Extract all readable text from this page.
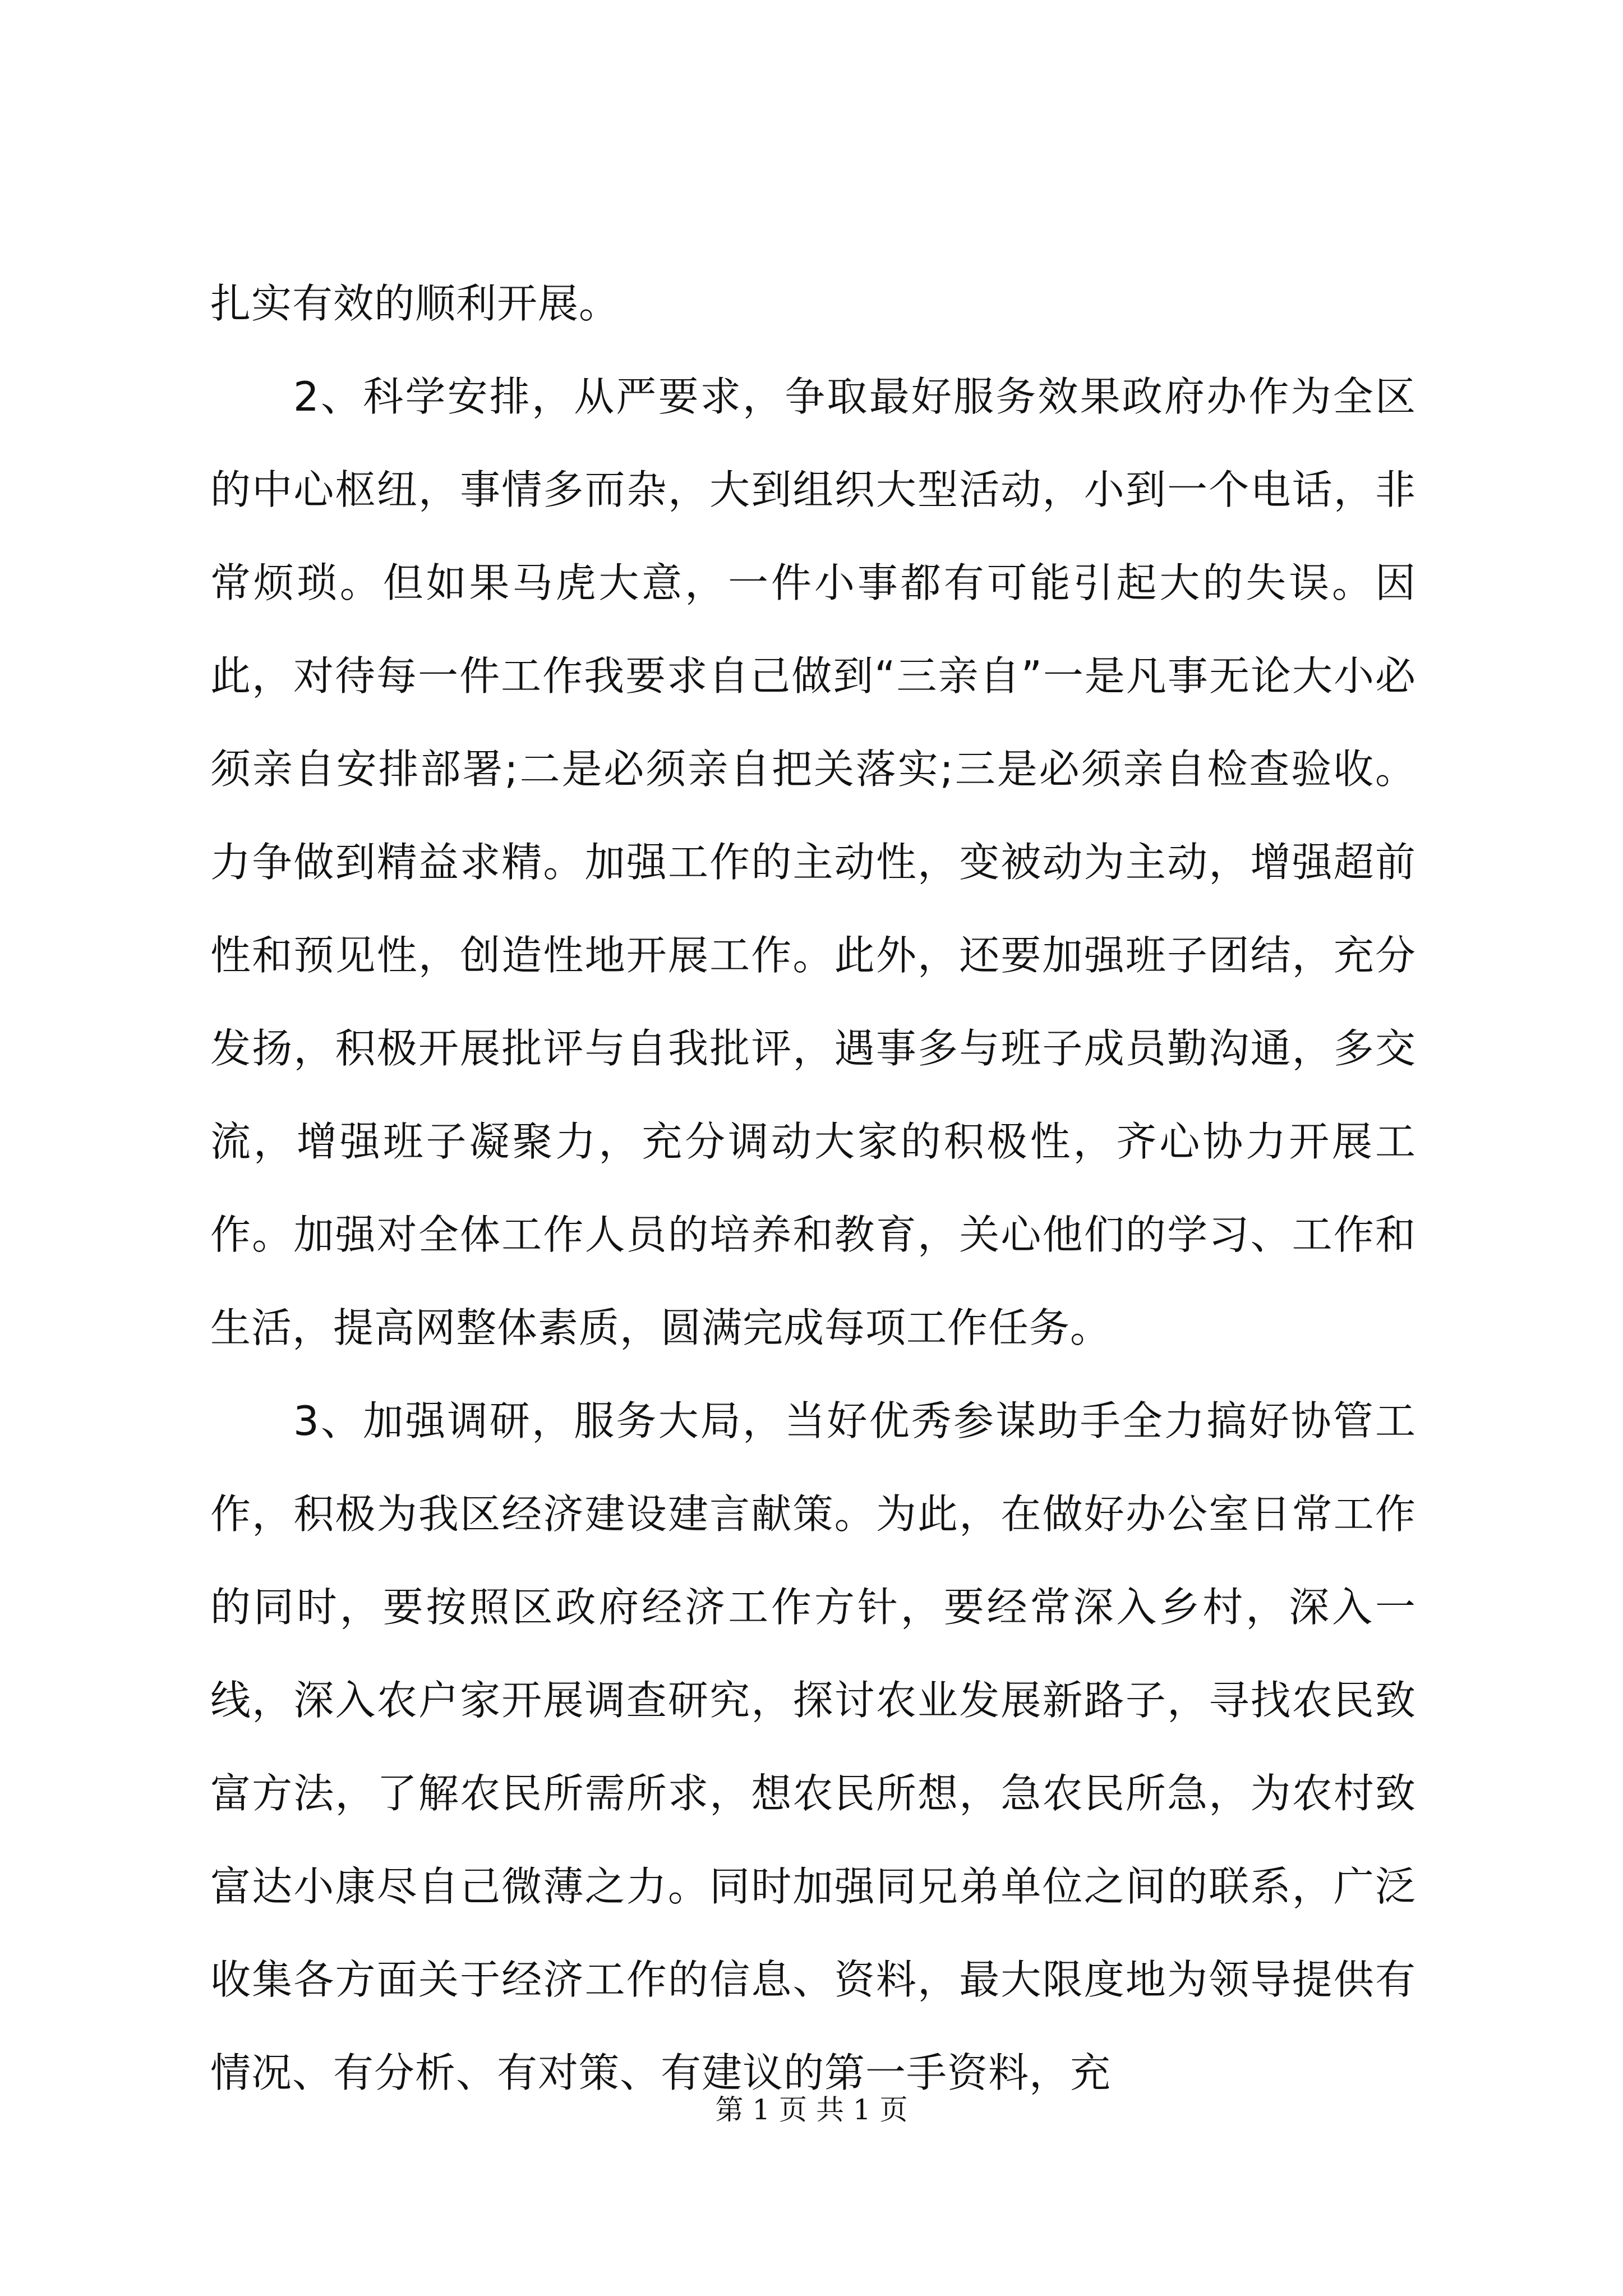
扎实有效的顺利开展。

2、科学安排，从严要求，争取最好服务效果政府办作为全区的中心枢纽，事情多而杂，大到组织大型活动，小到一个电话，非常烦琐。但如果马虎大意，一件小事都有可能引起大的失误。因此，对待每一件工作我要求自己做到“三亲自”一是凡事无论大小必须亲自安排部署;二是必须亲自把关落实;三是必须亲自检查验收。力争做到精益求精。加强工作的主动性，变被动为主动，增强超前性和预见性，创造性地开展工作。此外，还要加强班子团结，充分发扬，积极开展批评与自我批评，遇事多与班子成员勤沟通，多交流，增强班子凝聚力，充分调动大家的积极性，齐心协力开展工作。加强对全体工作人员的培养和教育，关心他们的学习、工作和生活，提高网整体素质，圆满完成每项工作任务。

3、加强调研，服务大局，当好优秀参谋助手全力搞好协管工作，积极为我区经济建设建言献策。为此，在做好办公室日常工作的同时，要按照区政府经济工作方针，要经常深入乡村，深入一线，深入农户家开展调查研究，探讨农业发展新路子，寻找农民致富方法，了解农民所需所求，想农民所想，急农民所急，为农村致富达小康尽自己微薄之力。同时加强同兄弟单位之间的联系，广泛收集各方面关于经济工作的信息、资料，最大限度地为领导提供有情况、有分析、有对策、有建议的第一手资料，充

第 1 页 共 1 页
